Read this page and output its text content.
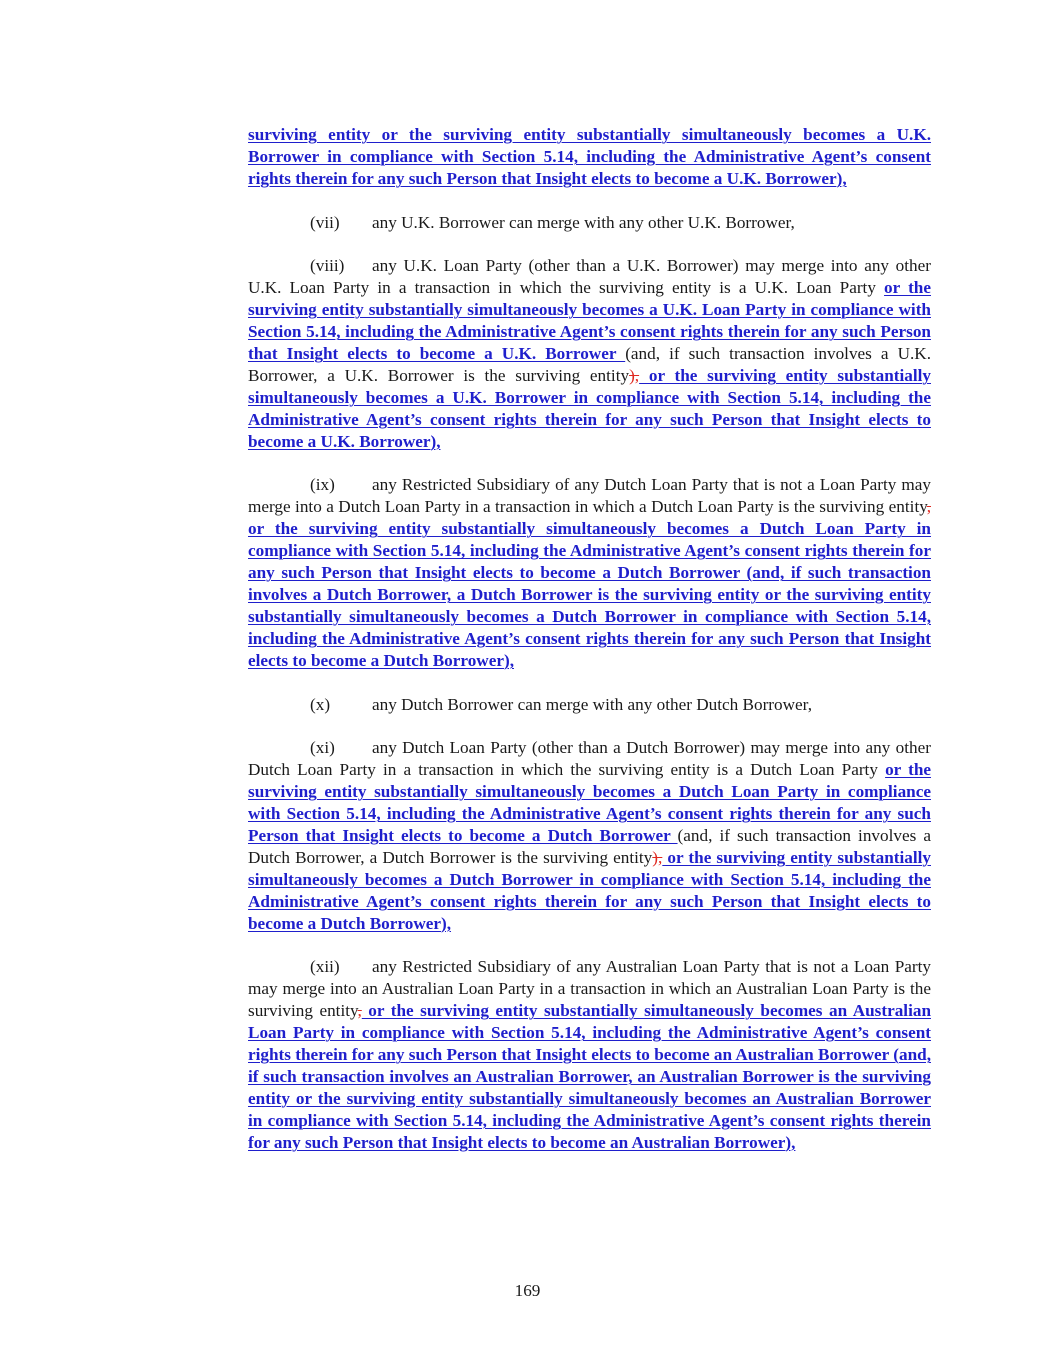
surviving entity or the surviving entity substantially simultaneously becomes a U.K. Borrower in compliance with Section 5.14, including the Administrative Agent’s consent rights therein for any such Person that Insight elects to become a U.K. Borrower),

(vii) any U.K. Borrower can merge with any other U.K. Borrower,

(viii) any U.K. Loan Party (other than a U.K. Borrower) may merge into any other U.K. Loan Party in a transaction in which the surviving entity is a U.K. Loan Party or the surviving entity substantially simultaneously becomes a U.K. Loan Party in compliance with Section 5.14, including the Administrative Agent’s consent rights therein for any such Person that Insight elects to become a U.K. Borrower (and, if such transaction involves a U.K. Borrower, a U.K. Borrower is the surviving entity), or the surviving entity substantially simultaneously becomes a U.K. Borrower in compliance with Section 5.14, including the Administrative Agent’s consent rights therein for any such Person that Insight elects to become a U.K. Borrower),

(ix) any Restricted Subsidiary of any Dutch Loan Party that is not a Loan Party may merge into a Dutch Loan Party in a transaction in which a Dutch Loan Party is the surviving entity, or the surviving entity substantially simultaneously becomes a Dutch Loan Party in compliance with Section 5.14, including the Administrative Agent’s consent rights therein for any such Person that Insight elects to become a Dutch Borrower (and, if such transaction involves a Dutch Borrower, a Dutch Borrower is the surviving entity or the surviving entity substantially simultaneously becomes a Dutch Borrower in compliance with Section 5.14, including the Administrative Agent’s consent rights therein for any such Person that Insight elects to become a Dutch Borrower),

(x) any Dutch Borrower can merge with any other Dutch Borrower,

(xi) any Dutch Loan Party (other than a Dutch Borrower) may merge into any other Dutch Loan Party in a transaction in which the surviving entity is a Dutch Loan Party or the surviving entity substantially simultaneously becomes a Dutch Loan Party in compliance with Section 5.14, including the Administrative Agent’s consent rights therein for any such Person that Insight elects to become a Dutch Borrower (and, if such transaction involves a Dutch Borrower, a Dutch Borrower is the surviving entity), or the surviving entity substantially simultaneously becomes a Dutch Borrower in compliance with Section 5.14, including the Administrative Agent’s consent rights therein for any such Person that Insight elects to become a Dutch Borrower),

(xii) any Restricted Subsidiary of any Australian Loan Party that is not a Loan Party may merge into an Australian Loan Party in a transaction in which an Australian Loan Party is the surviving entity, or the surviving entity substantially simultaneously becomes an Australian Loan Party in compliance with Section 5.14, including the Administrative Agent’s consent rights therein for any such Person that Insight elects to become an Australian Borrower (and, if such transaction involves an Australian Borrower, an Australian Borrower is the surviving entity or the surviving entity substantially simultaneously becomes an Australian Borrower in compliance with Section 5.14, including the Administrative Agent’s consent rights therein for any such Person that Insight elects to become an Australian Borrower),

169
